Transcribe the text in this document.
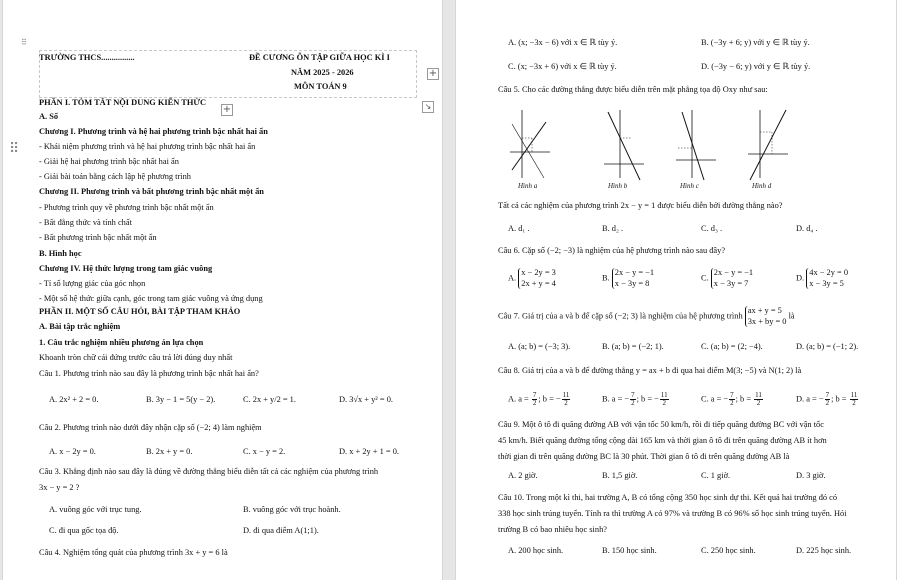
⠿
TRƯỜNG THCS................	ĐỀ CƯƠNG ÔN TẬP GIỮA HỌC KÌ I
NĂM 2025 - 2026
MÔN TOÁN 9
+
+	↘
⠿
PHẦN I. TÓM TẮT NỘI DUNG KIẾN THỨC
A. Số
Chương I. Phương trình và hệ hai phương trình bậc nhất hai ẩn
- Khái niệm phương trình và hệ hai phương trình bậc nhất hai ẩn
- Giải hệ hai phương trình bậc nhất hai ẩn
- Giải bài toán bằng cách lập hệ phương trình
Chương II. Phương trình và bất phương trình bậc nhất một ẩn
- Phương trình quy về phương trình bậc nhất một ẩn
- Bất đẳng thức và tính chất
- Bất phương trình bậc nhất một ẩn
B. Hình học
Chương IV. Hệ thức lượng trong tam giác vuông
- Tỉ số lượng giác của góc nhọn
- Một số hệ thức giữa cạnh, góc trong tam giác vuông và ứng dụng
PHẦN II. MỘT SỐ CÂU HỎI, BÀI TẬP THAM KHẢO
A. Bài tập trắc nghiệm
1. Câu trắc nghiệm nhiều phương án lựa chọn
Khoanh tròn chữ cái đứng trước câu trả lời đúng duy nhất
Câu 1. Phương trình nào sau đây là phương trình bậc nhất hai ẩn?
A. 2x² + 2 = 0.	B. 3y − 1 = 5(y − 2).	C. 2x + y/2 = 1.	D. 3√x + y² = 0.
Câu 2. Phương trình nào dưới đây nhận cặp số (−2; 4) làm nghiệm
A. x − 2y = 0.	B. 2x + y = 0.	C. x − y = 2.	D. x + 2y + 1 = 0.
Câu 3. Khẳng định nào sau đây là đúng về đường thẳng biểu diễn tất cả các nghiệm của phương trình
3x − y = 2 ?
A. vuông góc với trục tung.	B. vuông góc với trục hoành.
C. đi qua gốc tọa độ.	D. đi qua điểm A(1;1).
Câu 4. Nghiệm tổng quát của phương trình 3x + y = 6 là
A. (x; −3x − 6) với x ∈ ℝ tùy ý.	B. (−3y + 6; y) với y ∈ ℝ tùy ý.
C. (x; −3x + 6) với x ∈ ℝ tùy ý.	D. (−3y − 6; y) với y ∈ ℝ tùy ý.
Câu 5. Cho các đường thẳng được biểu diễn trên mặt phẳng tọa độ Oxy như sau:
Hình a	Hình b	Hình c	Hình d
Tất cả các nghiệm của phương trình 2x − y = 1 được biểu diễn bởi đường thẳng nào?
A. d₁ .	B. d₂ .	C. d₃ .	D. d₄ .
Câu 6. Cặp số (−2; −3) là nghiệm của hệ phương trình nào sau đây?
A.
x − 2y = 3
2x + y = 4
B.
2x − y = −1
x − 3y = 8
C.
2x − y = −1
x − 3y = 7
D.
4x − 2y = 0
x − 3y = 5
Câu 7. Giá trị của a và b để cặp số (−2; 3) là nghiệm của hệ phương trình
ax + y = 5
3x + by = 0
là
A. (a; b) = (−3; 3).	B. (a; b) = (−2; 1).	C. (a; b) = (2; −4).	D. (a; b) = (−1; 2).
Câu 8. Giá trị của a và b để đường thẳng y = ax + b đi qua hai điểm M(3; −5) và N(1; 2) là
A. $a = \frac{7}{2}$ ; b = − $\frac{11}{2}$	B. a = − $\frac{7}{2}$ ; b = − $\frac{11}{2}$	C. a = − $\frac{7}{2}$ ; $b = \frac{11}{2}$	D. a = − $\frac{7}{2}$ ; $b = \frac{11}{2}$
Câu 9. Một ô tô đi quãng đường AB với vận tốc 50 km/h, rồi đi tiếp quãng đường BC với vận tốc
45 km/h. Biết quãng đường tổng cộng dài 165 km và thời gian ô tô đi trên quãng đường AB ít hơn
thời gian đi trên quãng đường BC là 30 phút. Thời gian ô tô đi trên quãng đường AB là
A. 2 giờ.	B. 1,5 giờ.	C. 1 giờ.	D. 3 giờ.
Câu 10. Trong một kì thi, hai trường A, B có tổng cộng 350 học sinh dự thi. Kết quả hai trường đó có
338 học sinh trúng tuyển. Tính ra thì trường A có 97% và trường B có 96% số học sinh trúng tuyển. Hỏi
trường B có bao nhiêu học sinh?
A. 200 học sinh.	B. 150 học sinh.	C. 250 học sinh.	D. 225 học sinh.
